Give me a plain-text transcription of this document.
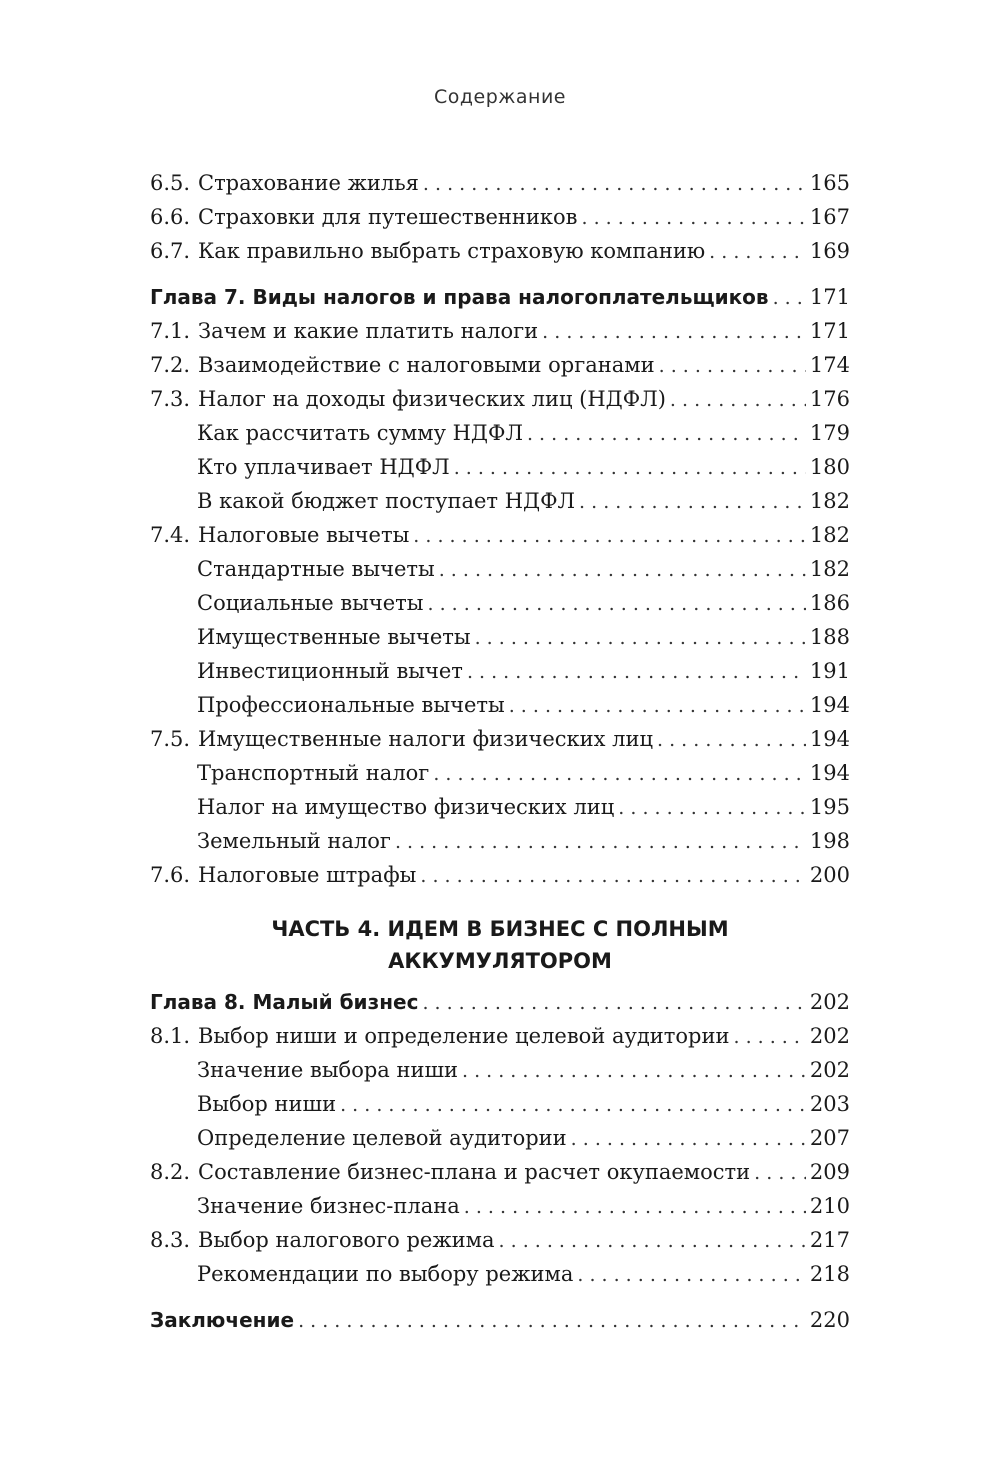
Содержание
6.5. Страхование жилья . . .	165
6.6. Страховки для путешественников . . .	167
6.7. Как правильно выбрать страховую компанию . . .	169
Глава 7. Виды налогов и права налогоплательщиков . . . 171
7.1. Зачем и какие платить налоги . . .	171
7.2. Взаимодействие с налоговыми органами . . .	174
7.3. Налог на доходы физических лиц (НДФЛ) . . .	176
Как рассчитать сумму НДФЛ . . .	179
Кто уплачивает НДФЛ . . .	180
В какой бюджет поступает НДФЛ . . .	182
7.4. Налоговые вычеты . . .	182
Стандартные вычеты . . .	182
Социальные вычеты . . .	186
Имущественные вычеты . . .	188
Инвестиционный вычет . . .	191
Профессиональные вычеты . . .	194
7.5. Имущественные налоги физических лиц . . .	194
Транспортный налог . . .	194
Налог на имущество физических лиц . . .	195
Земельный налог . . .	198
7.6. Налоговые штрафы . . .	200
Глава 8. Малый бизнес . . .	202
8.1. Выбор ниши и определение целевой аудитории . . .	202
Значение выбора ниши . . .	202
Выбор ниши . . .	203
Определение целевой аудитории . . .	207
8.2. Составление бизнес-плана и расчет окупаемости . . .	209
Значение бизнес-плана . . .	210
8.3. Выбор налогового режима . . .	217
Рекомендации по выбору режима . . .	218
Заключение . . .	220
ЧАСТЬ 4. ИДЕМ В БИЗНЕС С ПОЛНЫМ
АККУМУЛЯТОРОМ
